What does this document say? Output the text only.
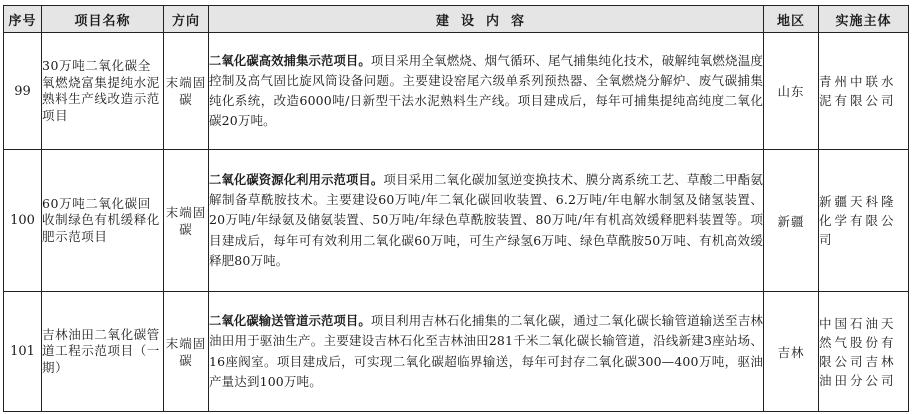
序号	项目名称	方向	建设内容	地区	实施主体
99	30万吨二氧化碳全氧燃烧富集提纯水泥熟料生产线改造示范项目	末端固碳	二氧化碳高效捕集示范项目。项目采用全氧燃烧、烟气循环、尾气捕集纯化技术，破解纯氧燃烧温度控制及高气固比旋风筒设备问题。主要建设窑尾六级单系列预热器、全氧燃烧分解炉、废气碳捕集纯化系统，改造6000吨/日新型干法水泥熟料生产线。项目建成后，每年可捕集提纯高纯度二氧化碳20万吨。	山东	青州中联水泥有限公司
100	60万吨二氧化碳回收制绿色有机缓释化肥示范项目	末端固碳	二氧化碳资源化利用示范项目。项目采用二氧化碳加氢逆变换技术、膜分离系统工艺、草酸二甲酯氨解制备草酰胺技术。主要建设60万吨/年二氧化碳回收装置、6.2万吨/年电解水制氢及储氢装置、20万吨/年绿氨及储氨装置、50万吨/年绿色草酰胺装置、80万吨/年有机高效缓释肥料装置等。项目建成后，每年可有效利用二氧化碳60万吨，可生产绿氢6万吨、绿色草酰胺50万吨、有机高效缓释肥80万吨。	新疆	新疆天科隆化学有限公司
101	吉林油田二氧化碳管道工程示范项目（一期）	末端固碳	二氧化碳输送管道示范项目。项目利用吉林石化捕集的二氧化碳，通过二氧化碳长输管道输送至吉林油田用于驱油生产。主要建设吉林石化至吉林油田281千米二氧化碳长输管道，沿线新建3座站场、16座阀室。项目建成后，可实现二氧化碳超临界输送，每年可封存二氧化碳300—400万吨，驱油产量达到100万吨。	吉林	中国石油天然气股份有限公司吉林油田分公司
